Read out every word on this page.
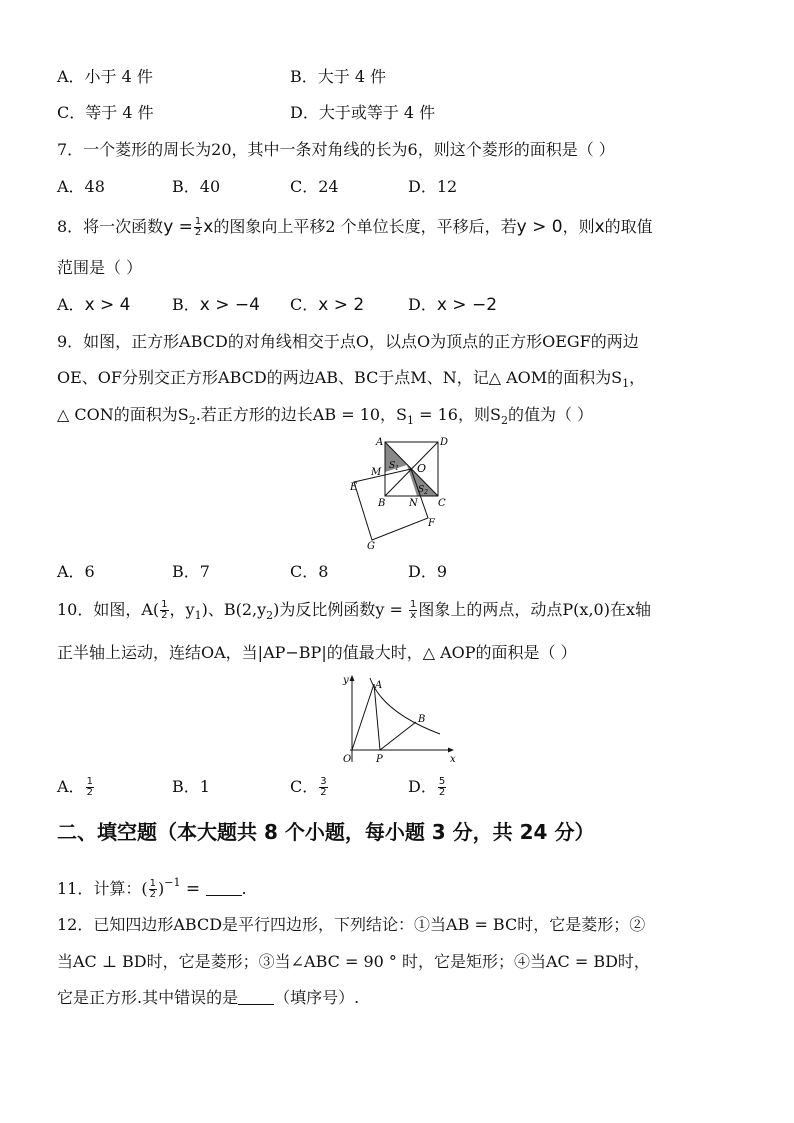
A．小于 4 件	B．大于 4 件
C．等于 4 件	D．大于或等于 4 件
7．一个菱形的周长为20，其中一条对角线的长为6，则这个菱形的面积是（ ）
A．48	B．40	C．24	D．12
8．将一次函数$y = \frac{1}{2}$ x的图象向上平移2 个单位长度，平移后，若y > 0，则x的取值
范围是（ ）
A．x > 4	B．x > −4 C．x > 2	D．x > −2
9．如图，正方形ABCD的对角线相交于点O，以点O为顶点的正方形OEGF的两边
OE、OF分别交正方形ABCD的两边AB、BC于点M、N，记△ AOM的面积为$S_1$，
△ CON的面积为$S_2$.若正方形的边长AB = 10，$S_1 = 16$，则$S_2$的值为（ ）
A	D
B	C
O
E
F
G
M
N
$S_1$
$S_2$
A．6	B．7	C．8	D．9
10．如图，$A( \frac{1}{2}$ ，$y_1$)、$B(2,y_2)$为反比例函数$y = \frac{1}{x}$ 图象上的两点，动点P(x,0)在x轴
正半轴上运动，连结OA，当|AP−BP|的值最大时，△ AOP的面积是（ ）
y
x
O
A
B
P
A． $\frac{1}{2}$	B．1	C． $\frac{3}{2}$	D． $\frac{5}{2}$
二、填空题（本大题共 8 个小题，每小题 3 分，共 24 分）
11．计算：( $\frac{1}{2} )^{-1}$ = .
12．已知四边形ABCD是平行四边形，下列结论：①当AB = BC时，它是菱形；②
当AC ⊥ BD时，它是菱形；③当∠ABC = 90 ° 时，它是矩形；④当AC = BD时，
它是正方形.其中错误的是 （填序号）.
